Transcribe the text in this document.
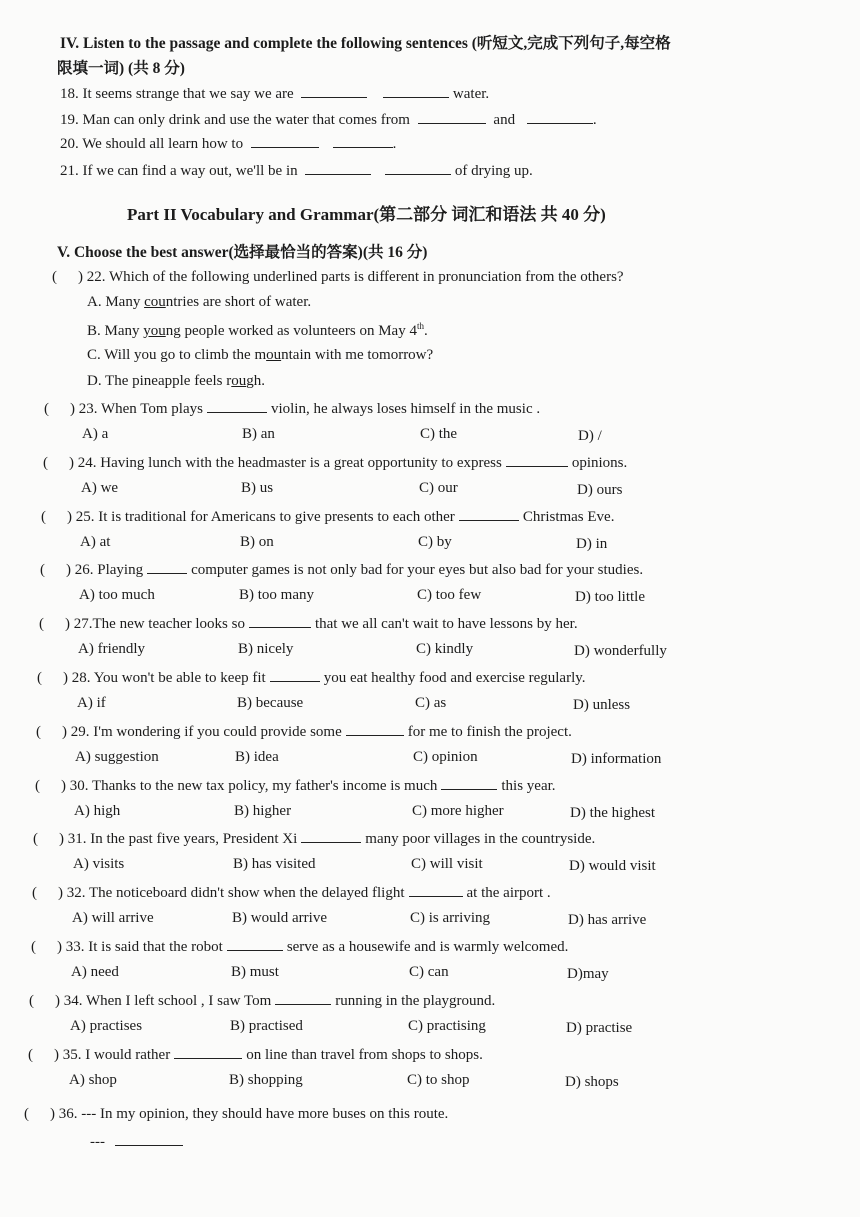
IV. Listen to the passage and complete the following sentences (听短文,完成下列句子,每空格
限填一词) (共 8 分)
18. It seems strange that we say we are	water.
19. Man can only drink and use the water that comes from	and	.
20. We should all learn how to	.
21. If we can find a way out, we'll be in	of drying up.
Part II Vocabulary and Grammar(第二部分 词汇和语法 共 40 分)
V. Choose the best answer(选择最恰当的答案)(共 16 分)
( ) 22. Which of the following underlined parts is different in pronunciation from the others?
A. Many countries are short of water.
B. Many young people worked as volunteers on May 4th.
C. Will you go to climb the mountain with me tomorrow?
D. The pineapple feels rough.
( ) 23. When Tom plays	violin, he always loses himself in the music .
A) a	B) an	C) the	D) /
( ) 24. Having lunch with the headmaster is a great opportunity to express	opinions.
A) we	B) us	C) our	D) ours
( ) 25. It is traditional for Americans to give presents to each other	Christmas Eve.
A) at	B) on	C) by	D) in
( ) 26. Playing	computer games is not only bad for your eyes but also bad for your studies.
A) too much	B) too many	C) too few	D) too little
( ) 27.The new teacher looks so	that we all can't wait to have lessons by her.
A) friendly	B) nicely	C) kindly	D) wonderfully
( ) 28. You won't be able to keep fit	you eat healthy food and exercise regularly.
A) if	B) because	C) as	D) unless
( ) 29. I'm wondering if you could provide some	for me to finish the project.
A) suggestion	B) idea	C) opinion	D) information
( ) 30. Thanks to the new tax policy, my father's income is much	this year.
A) high	B) higher	C) more higher	D) the highest
( ) 31. In the past five years, President Xi	many poor villages in the countryside.
A) visits	B) has visited	C) will visit	D) would visit
( ) 32. The noticeboard didn't show when the delayed flight	at the airport .
A) will arrive	B) would arrive	C) is arriving	D) has arrive
( ) 33. It is said that the robot	serve as a housewife and is warmly welcomed.
A) need	B) must	C) can	D)may
( ) 34. When I left school , I saw Tom	running in the playground.
A) practises	B) practised	C) practising	D) practise
( ) 35. I would rather	on line than travel from shops to shops.
A) shop	B) shopping	C) to shop	D) shops
( ) 36. --- In my opinion, they should have more buses on this route.
---
